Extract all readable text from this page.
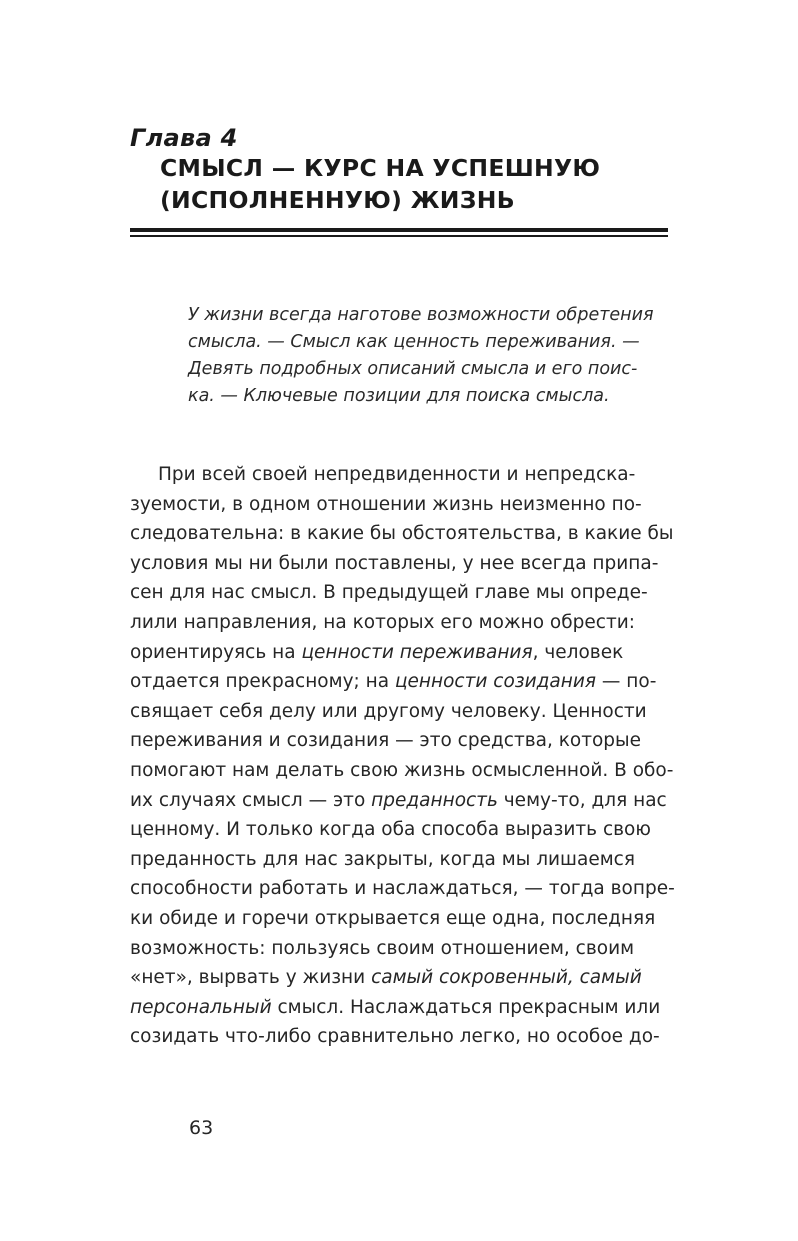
Глава 4
СМЫСЛ — КУРС НА УСПЕШНУЮ
(ИСПОЛНЕННУЮ) ЖИЗНЬ
У жизни всегда наготове возможности обретения
смысла. — Смысл как ценность переживания. —
Девять подробных описаний смысла и его поис-
ка. — Ключевые позиции для поиска смысла.
При всей своей непредвиденности и непредска-
зуемости, в одном отношении жизнь неизменно по-
следовательна: в какие бы обстоятельства, в какие бы
условия мы ни были поставлены, у нее всегда припа-
сен для нас смысл. В предыдущей главе мы опреде-
лили направления, на которых его можно обрести:
ориентируясь на ценности переживания, человек
отдается прекрасному; на ценности созидания — по-
свящает себя делу или другому человеку. Ценности
переживания и созидания — это средства, которые
помогают нам делать свою жизнь осмысленной. В обо-
их случаях смысл — это преданность чему-то, для нас
ценному. И только когда оба способа выразить свою
преданность для нас закрыты, когда мы лишаемся
способности работать и наслаждаться, — тогда вопре-
ки обиде и горечи открывается еще одна, последняя
возможность: пользуясь своим отношением, своим
«нет», вырвать у жизни самый сокровенный, самый
персональный смысл. Наслаждаться прекрасным или
созидать что-либо сравнительно легко, но особое до-
63
